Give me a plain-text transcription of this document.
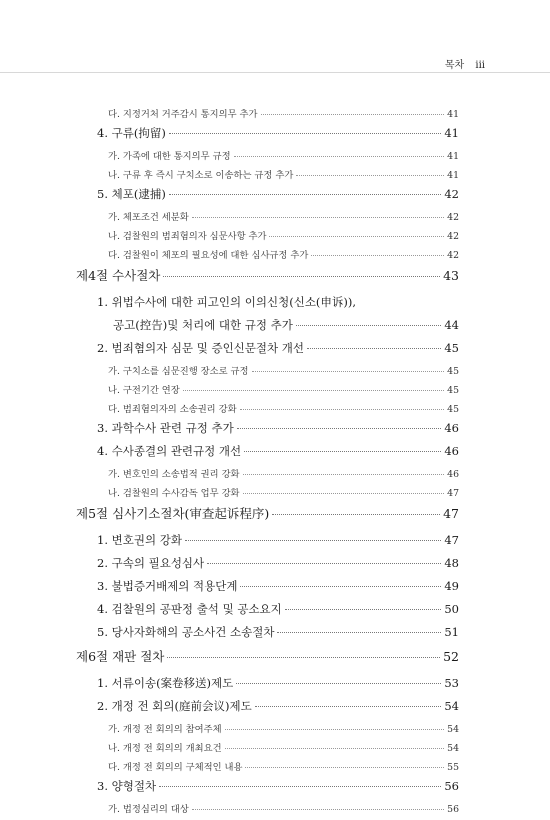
목차 iii
다. 지정거처 거주감시 통지의무 추가	41
4. 구류(拘留)	41
가. 가족에 대한 통지의무 규정	41
나. 구류 후 즉시 구치소로 이송하는 규정 추가	41
5. 체포(逮捕)	42
가. 체포조건 세분화	42
나. 검찰원의 범죄혐의자 심문사항 추가	42
다. 검찰원이 체포의 필요성에 대한 심사규정 추가	42
제4절 수사절차	43
1. 위법수사에 대한 피고인의 이의신청(신소(申诉)),
공고(控告)및 처리에 대한 규정 추가	44
2. 범죄혐의자 심문 및 증인신문절차 개선	45
가. 구치소를 심문진행 장소로 규정	45
나. 구전기간 연장	45
다. 범죄혐의자의 소송권리 강화	45
3. 과학수사 관련 규정 추가	46
4. 수사종결의 관련규정 개선	46
가. 변호인의 소송법적 권리 강화	46
나. 검찰원의 수사감독 업무 강화	47
제5절 심사기소절차(审查起诉程序)	47
1. 변호권의 강화	47
2. 구속의 필요성심사	48
3. 불법증거배제의 적용단계	49
4. 검찰원의 공판정 출석 및 공소요지	50
5. 당사자화해의 공소사건 소송절차	51
제6절 재판 절차	52
1. 서류이송(案卷移送)제도	53
2. 개정 전 회의(庭前会议)제도	54
가. 개정 전 회의의 참여주체	54
나. 개정 전 회의의 개최요건	54
다. 개정 전 회의의 구체적인 내용	55
3. 양형절차	56
가. 법정심리의 대상	56
